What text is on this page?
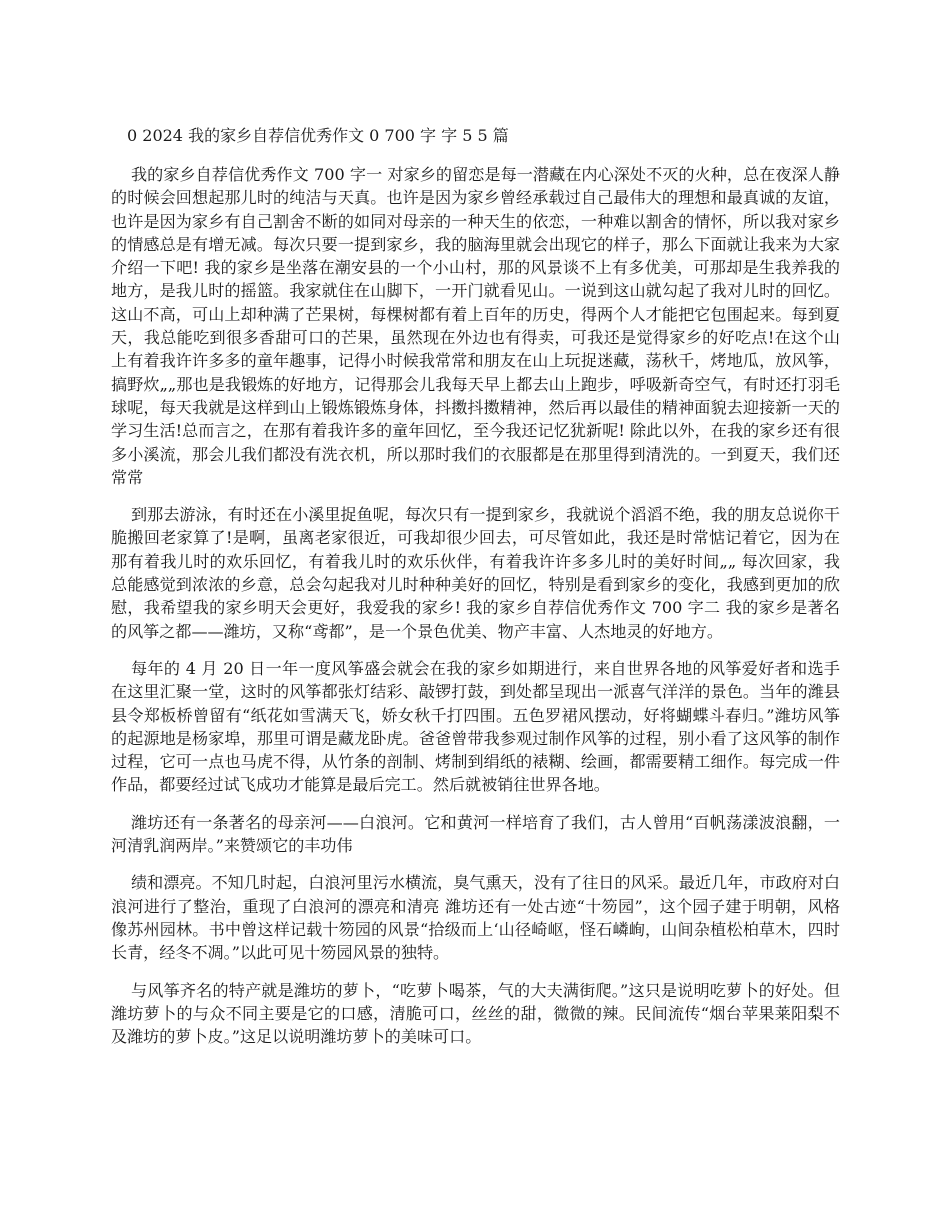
0 2024 我的家乡自荐信优秀作文 0 700 字 字 5 5 篇

我的家乡自荐信优秀作文 700 字一 对家乡的留恋是每一潜藏在内心深处不灭的火种，总在夜深人静的时候会回想起那儿时的纯洁与天真。也许是因为家乡曾经承载过自己最伟大的理想和最真诚的友谊，也许是因为家乡有自己割舍不断的如同对母亲的一种天生的依恋，一种难以割舍的情怀，所以我对家乡的情感总是有增无减。每次只要一提到家乡，我的脑海里就会出现它的样子，那么下面就让我来为大家介绍一下吧! 我的家乡是坐落在潮安县的一个小山村，那的风景谈不上有多优美，可那却是生我养我的地方，是我儿时的摇篮。我家就住在山脚下，一开门就看见山。一说到这山就勾起了我对儿时的回忆。这山不高，可山上却种满了芒果树，每棵树都有着上百年的历史，得两个人才能把它包围起来。每到夏天，我总能吃到很多香甜可口的芒果，虽然现在外边也有得卖，可我还是觉得家乡的好吃点!在这个山上有着我许许多多的童年趣事，记得小时候我常常和朋友在山上玩捉迷藏，荡秋千，烤地瓜，放风筝，搞野炊„„那也是我锻炼的好地方，记得那会儿我每天早上都去山上跑步，呼吸新奇空气，有时还打羽毛球呢，每天我就是这样到山上锻炼锻炼身体，抖擞抖擞精神，然后再以最佳的精神面貌去迎接新一天的学习生活!总而言之，在那有着我许多的童年回忆，至今我还记忆犹新呢! 除此以外，在我的家乡还有很多小溪流，那会儿我们都没有洗衣机，所以那时我们的衣服都是在那里得到清洗的。一到夏天，我们还常常

到那去游泳，有时还在小溪里捉鱼呢，每次只有一提到家乡，我就说个滔滔不绝，我的朋友总说你干脆搬回老家算了!是啊，虽离老家很近，可我却很少回去，可尽管如此，我还是时常惦记着它，因为在那有着我儿时的欢乐回忆，有着我儿时的欢乐伙伴，有着我许许多多儿时的美好时间„„ 每次回家，我总能感觉到浓浓的乡意，总会勾起我对儿时种种美好的回忆，特别是看到家乡的变化，我感到更加的欣慰，我希望我的家乡明天会更好，我爱我的家乡! 我的家乡自荐信优秀作文 700 字二 我的家乡是著名的风筝之都——潍坊，又称“鸢都”，是一个景色优美、物产丰富、人杰地灵的好地方。

每年的 4 月 20 日一年一度风筝盛会就会在我的家乡如期进行，来自世界各地的风筝爱好者和选手在这里汇聚一堂，这时的风筝都张灯结彩、敲锣打鼓，到处都呈现出一派喜气洋洋的景色。当年的潍县县令郑板桥曾留有“纸花如雪满天飞，娇女秋千打四围。五色罗裙风摆动，好将蝴蝶斗春归。”潍坊风筝的起源地是杨家埠，那里可谓是藏龙卧虎。爸爸曾带我参观过制作风筝的过程，别小看了这风筝的制作过程，它可一点也马虎不得，从竹条的剖制、烤制到绢纸的裱糊、绘画，都需要精工细作。每完成一件作品，都要经过试飞成功才能算是最后完工。然后就被销往世界各地。

潍坊还有一条著名的母亲河——白浪河。它和黄河一样培育了我们，古人曾用“百帆荡漾波浪翻，一河清乳润两岸。”来赞颂它的丰功伟

绩和漂亮。不知几时起，白浪河里污水横流，臭气熏天，没有了往日的风采。最近几年，市政府对白浪河进行了整治，重现了白浪河的漂亮和清亮 潍坊还有一处古迹“十笏园”，这个园子建于明朝，风格像苏州园林。书中曾这样记载十笏园的风景“拾级而上‘山径崎岖，怪石嶙峋，山间杂植松柏草木，四时长青，经冬不凋。”以此可见十笏园风景的独特。

与风筝齐名的特产就是潍坊的萝卜，“吃萝卜喝茶，气的大夫满街爬。”这只是说明吃萝卜的好处。但潍坊萝卜的与众不同主要是它的口感，清脆可口，丝丝的甜，微微的辣。民间流传“烟台苹果莱阳梨不及潍坊的萝卜皮。”这足以说明潍坊萝卜的美味可口。
